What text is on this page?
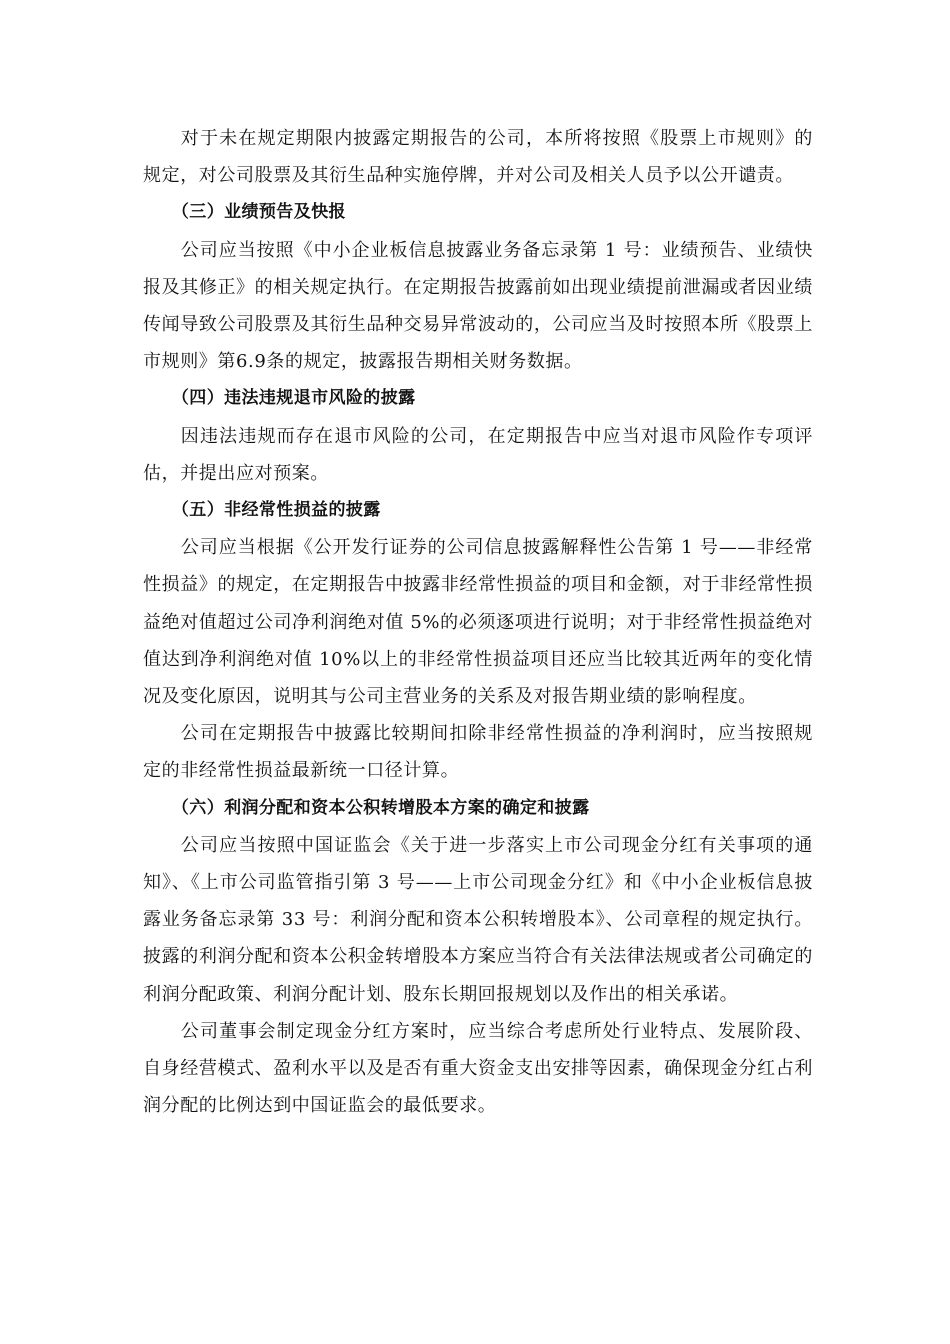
对于未在规定期限内披露定期报告的公司，本所将按照《股票上市规则》的规定，对公司股票及其衍生品种实施停牌，并对公司及相关人员予以公开谴责。

（三）业绩预告及快报

公司应当按照《中小企业板信息披露业务备忘录第 1 号：业绩预告、业绩快报及其修正》的相关规定执行。在定期报告披露前如出现业绩提前泄漏或者因业绩传闻导致公司股票及其衍生品种交易异常波动的，公司应当及时按照本所《股票上市规则》第6.9条的规定，披露报告期相关财务数据。

（四）违法违规退市风险的披露

因违法违规而存在退市风险的公司，在定期报告中应当对退市风险作专项评估，并提出应对预案。

（五）非经常性损益的披露

公司应当根据《公开发行证券的公司信息披露解释性公告第 1 号——非经常性损益》的规定，在定期报告中披露非经常性损益的项目和金额，对于非经常性损益绝对值超过公司净利润绝对值 5%的必须逐项进行说明；对于非经常性损益绝对值达到净利润绝对值 10%以上的非经常性损益项目还应当比较其近两年的变化情况及变化原因，说明其与公司主营业务的关系及对报告期业绩的影响程度。

公司在定期报告中披露比较期间扣除非经常性损益的净利润时，应当按照规定的非经常性损益最新统一口径计算。

（六）利润分配和资本公积转增股本方案的确定和披露

公司应当按照中国证监会《关于进一步落实上市公司现金分红有关事项的通知》、《上市公司监管指引第 3 号——上市公司现金分红》和《中小企业板信息披露业务备忘录第 33 号：利润分配和资本公积转增股本》、公司章程的规定执行。披露的利润分配和资本公积金转增股本方案应当符合有关法律法规或者公司确定的利润分配政策、利润分配计划、股东长期回报规划以及作出的相关承诺。

公司董事会制定现金分红方案时，应当综合考虑所处行业特点、发展阶段、自身经营模式、盈利水平以及是否有重大资金支出安排等因素，确保现金分红占利润分配的比例达到中国证监会的最低要求。
